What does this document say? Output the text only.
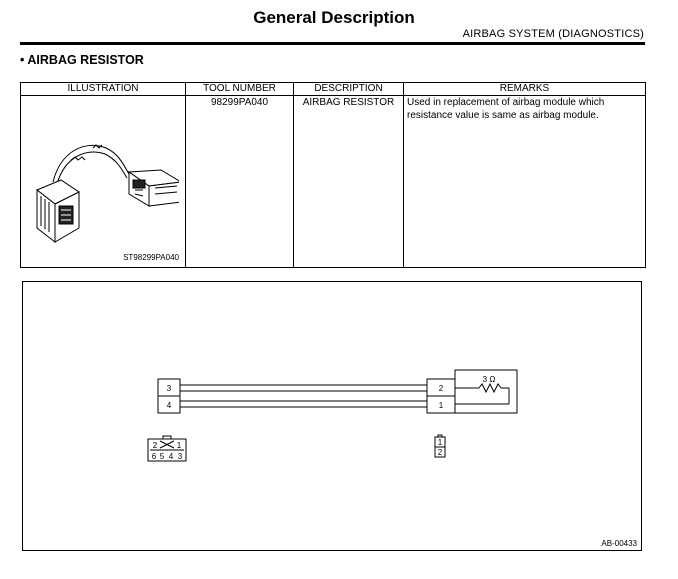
General Description
AIRBAG SYSTEM (DIAGNOSTICS)
• AIRBAG RESISTOR
ILLUSTRATION	TOOL NUMBER	DESCRIPTION	REMARKS

ST98299PA040	98299PA040	AIRBAG RESISTOR	Used in replacement of airbag module which resistance value is same as airbag module.
3
4
2
1
3 Ω
2 1
6 5 4 3
1
2
AB-00433
